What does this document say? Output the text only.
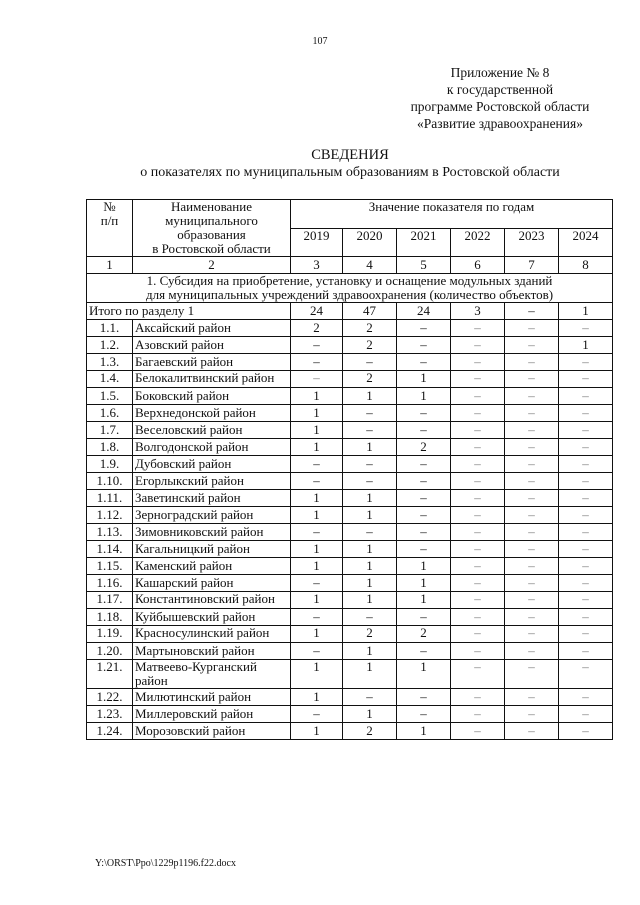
107
Приложение № 8
к государственной
программе Ростовской области
«Развитие здравоохранения»
СВЕДЕНИЯ
о показателях по муниципальным образованиям в Ростовской области
№
п/п	Наименование
муниципального
образования
в Ростовской области	Значение показателя по годам					
		2019	2020	2021	2022	2023	2024
1	2	3	4	5	6	7	8
1. Субсидия на приобретение, установку и оснащение модульных зданий
для муниципальных учреждений здравоохранения (количество объектов)							
Итого по разделу 1		24	47	24	3	–	1
1.1.	Аксайский район	2	2	–	–	–	–
1.2.	Азовский район	–	2	–	–	–	1
1.3.	Багаевский район	–	–	–	–	–	–
1.4.	Белокалитвинский район	–	2	1	–	–	–
1.5.	Боковский район	1	1	1	–	–	–
1.6.	Верхнедонской район	1	–	–	–	–	–
1.7.	Веселовский район	1	–	–	–	–	–
1.8.	Волгодонской район	1	1	2	–	–	–
1.9.	Дубовский район	–	–	–	–	–	–
1.10.	Егорлыкский район	–	–	–	–	–	–
1.11.	Заветинский район	1	1	–	–	–	–
1.12.	Зерноградский район	1	1	–	–	–	–
1.13.	Зимовниковский район	–	–	–	–	–	–
1.14.	Кагальницкий район	1	1	–	–	–	–
1.15.	Каменский район	1	1	1	–	–	–
1.16.	Кашарский район	–	1	1	–	–	–
1.17.	Константиновский район	1	1	1	–	–	–
1.18.	Куйбышевский район	–	–	–	–	–	–
1.19.	Красносулинский район	1	2	2	–	–	–
1.20.	Мартыновский район	–	1	–	–	–	–
1.21.	Матвеево-Курганский район	1	1	1	–	–	–
1.22.	Милютинский район	1	–	–	–	–	–
1.23.	Миллеровский район	–	1	–	–	–	–
1.24.	Морозовский район	1	2	1	–	–	–
Y:\ORST\Ppo\1229p1196.f22.docx
